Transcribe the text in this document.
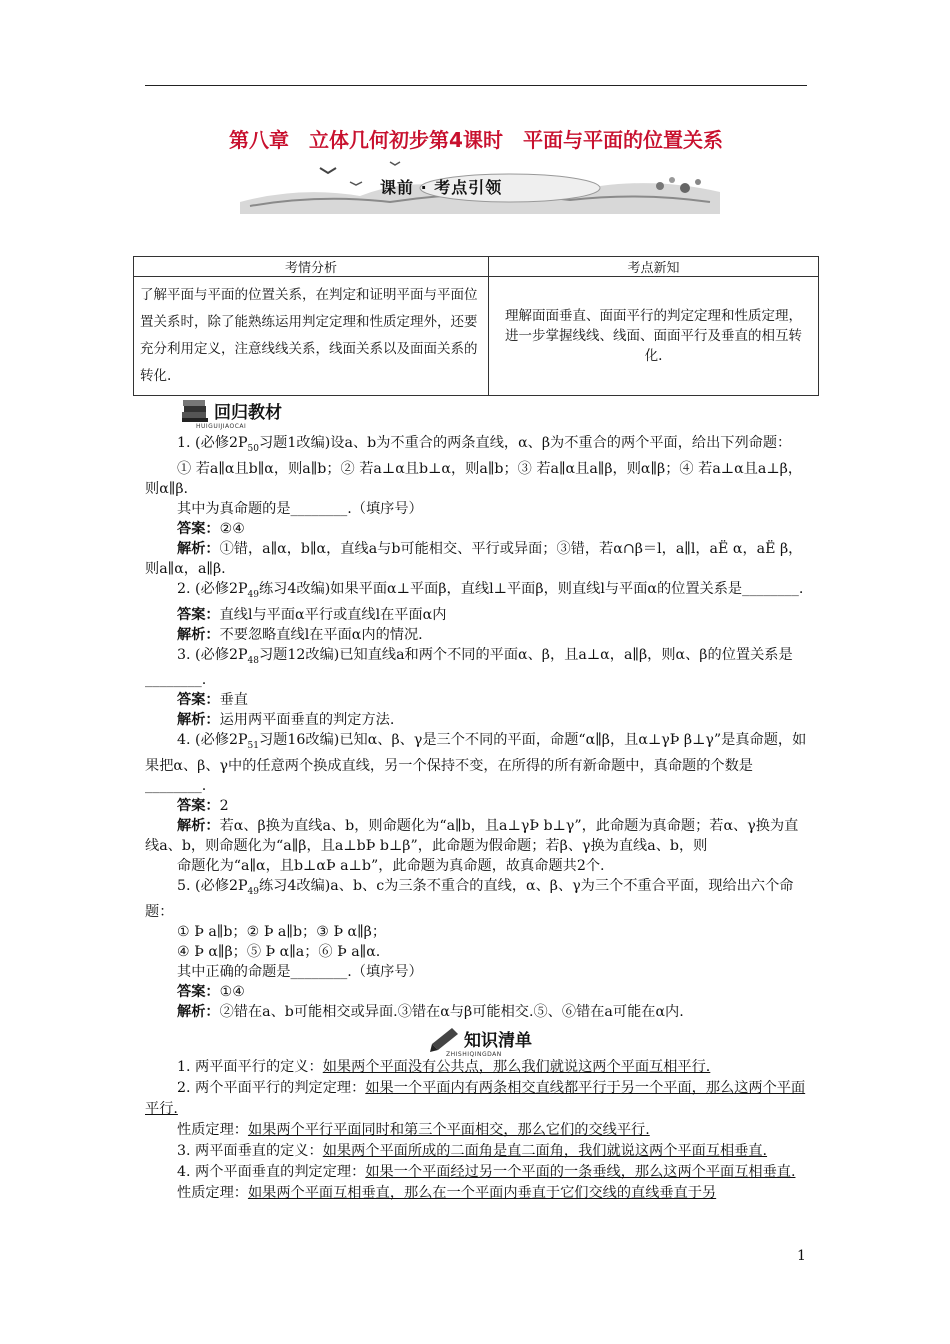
第八章　立体几何初步第4课时　平面与平面的位置关系
课前 · 考点引领
考情分析	考点新知
了解平面与平面的位置关系，在判定和证明平面与平面位置关系时，除了能熟练运用判定定理和性质定理外，还要充分利用定义，注意线线关系，线面关系以及面面关系的转化.	理解面面垂直、面面平行的判定定理和性质定理，进一步掌握线线、线面、面面平行及垂直的相互转化.
回归教材
HUIGUIJIAOCAI

1. (必修$2P_{50}$习题1改编)设a、b为不重合的两条直线，α、β为不重合的两个平面，给出下列命题：

① 若a∥α且b∥α，则a∥b；② 若a⊥α且b⊥α，则a∥b；③ 若a∥α且a∥β，则α∥β；④ 若a⊥α且a⊥β，则α∥β.

其中为真命题的是________.（填序号）

答案：②④

解析：①错，a∥α，b∥α，直线a与b可能相交、平行或异面；③错，若α∩β＝l，a∥l，aË α，aË β，则a∥α，a∥β.

2. (必修$2P_{49}$练习4改编)如果平面α⊥平面β，直线l⊥平面β，则直线l与平面α的位置关系是________.

答案：直线l与平面α平行或直线l在平面α内

解析：不要忽略直线l在平面α内的情况.

3. (必修$2P_{48}$习题12改编)已知直线a和两个不同的平面α、β，且a⊥α，a∥β，则α、β的位置关系是________.

答案：垂直

解析：运用两平面垂直的判定方法.

4. (必修$2P_{51}$习题16改编)已知α、β、γ是三个不同的平面，命题“α∥β，且α⊥γÞ β⊥γ”是真命题，如果把α、β、γ中的任意两个换成直线，另一个保持不变，在所得的所有新命题中，真命题的个数是________.

答案：2

解析：若α、β换为直线a、b，则命题化为“a∥b，且a⊥γÞ b⊥γ”，此命题为真命题；若α、γ换为直线a、b，则命题化为“a∥β，且a⊥bÞ b⊥β”，此命题为假命题；若β、γ换为直线a、b，则

命题化为“a∥α，且b⊥αÞ a⊥b”，此命题为真命题，故真命题共2个.

5. (必修$2P_{49}$练习4改编)a、b、c为三条不重合的直线，α、β、γ为三个不重合平面，现给出六个命题：

① Þ a∥b；② Þ a∥b；③ Þ α∥β；

④ Þ α∥β；⑤ Þ α∥a；⑥ Þ a∥α.

其中正确的命题是________.（填序号）

答案：①④

解析：②错在a、b可能相交或异面.③错在α与β可能相交.⑤、⑥错在a可能在α内.

知识清单
ZHISHIQINGDAN

1. 两平面平行的定义：如果两个平面没有公共点，那么我们就说这两个平面互相平行.

2. 两个平面平行的判定定理：如果一个平面内有两条相交直线都平行于另一个平面，那么这两个平面平行.

性质定理：如果两个平行平面同时和第三个平面相交，那么它们的交线平行.

3. 两平面垂直的定义：如果两个平面所成的二面角是直二面角，我们就说这两个平面互相垂直.

4. 两个平面垂直的判定定理：如果一个平面经过另一个平面的一条垂线，那么这两个平面互相垂直.

性质定理：如果两个平面互相垂直，那么在一个平面内垂直于它们交线的直线垂直于另

1
